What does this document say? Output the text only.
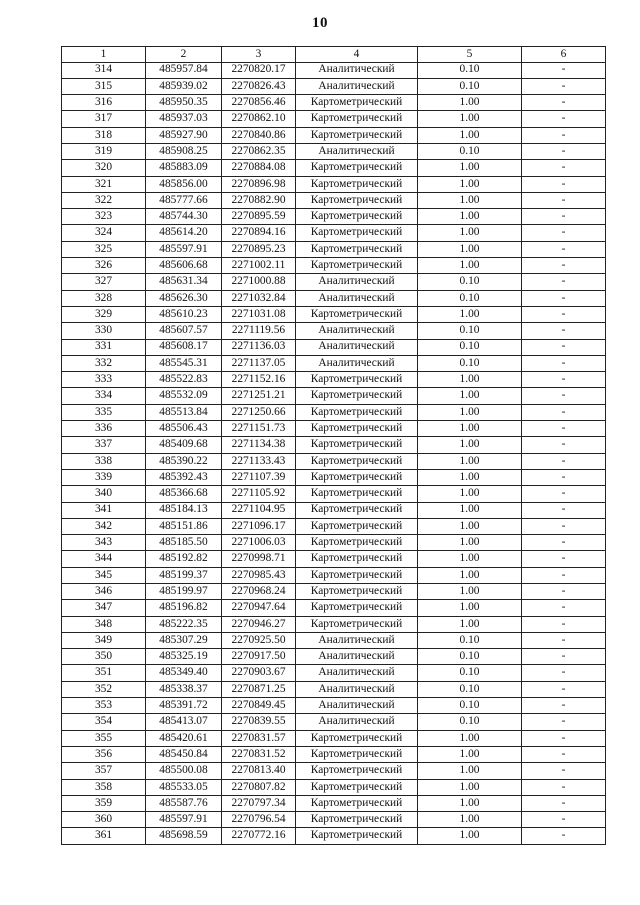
10
1	2	3	4	5	6
314	485957.84	2270820.17	Аналитический	0.10	-
315	485939.02	2270826.43	Аналитический	0.10	-
316	485950.35	2270856.46	Картометрический	1.00	-
317	485937.03	2270862.10	Картометрический	1.00	-
318	485927.90	2270840.86	Картометрический	1.00	-
319	485908.25	2270862.35	Аналитический	0.10	-
320	485883.09	2270884.08	Картометрический	1.00	-
321	485856.00	2270896.98	Картометрический	1.00	-
322	485777.66	2270882.90	Картометрический	1.00	-
323	485744.30	2270895.59	Картометрический	1.00	-
324	485614.20	2270894.16	Картометрический	1.00	-
325	485597.91	2270895.23	Картометрический	1.00	-
326	485606.68	2271002.11	Картометрический	1.00	-
327	485631.34	2271000.88	Аналитический	0.10	-
328	485626.30	2271032.84	Аналитический	0.10	-
329	485610.23	2271031.08	Картометрический	1.00	-
330	485607.57	2271119.56	Аналитический	0.10	-
331	485608.17	2271136.03	Аналитический	0.10	-
332	485545.31	2271137.05	Аналитический	0.10	-
333	485522.83	2271152.16	Картометрический	1.00	-
334	485532.09	2271251.21	Картометрический	1.00	-
335	485513.84	2271250.66	Картометрический	1.00	-
336	485506.43	2271151.73	Картометрический	1.00	-
337	485409.68	2271134.38	Картометрический	1.00	-
338	485390.22	2271133.43	Картометрический	1.00	-
339	485392.43	2271107.39	Картометрический	1.00	-
340	485366.68	2271105.92	Картометрический	1.00	-
341	485184.13	2271104.95	Картометрический	1.00	-
342	485151.86	2271096.17	Картометрический	1.00	-
343	485185.50	2271006.03	Картометрический	1.00	-
344	485192.82	2270998.71	Картометрический	1.00	-
345	485199.37	2270985.43	Картометрический	1.00	-
346	485199.97	2270968.24	Картометрический	1.00	-
347	485196.82	2270947.64	Картометрический	1.00	-
348	485222.35	2270946.27	Картометрический	1.00	-
349	485307.29	2270925.50	Аналитический	0.10	-
350	485325.19	2270917.50	Аналитический	0.10	-
351	485349.40	2270903.67	Аналитический	0.10	-
352	485338.37	2270871.25	Аналитический	0.10	-
353	485391.72	2270849.45	Аналитический	0.10	-
354	485413.07	2270839.55	Аналитический	0.10	-
355	485420.61	2270831.57	Картометрический	1.00	-
356	485450.84	2270831.52	Картометрический	1.00	-
357	485500.08	2270813.40	Картометрический	1.00	-
358	485533.05	2270807.82	Картометрический	1.00	-
359	485587.76	2270797.34	Картометрический	1.00	-
360	485597.91	2270796.54	Картометрический	1.00	-
361	485698.59	2270772.16	Картометрический	1.00	-
